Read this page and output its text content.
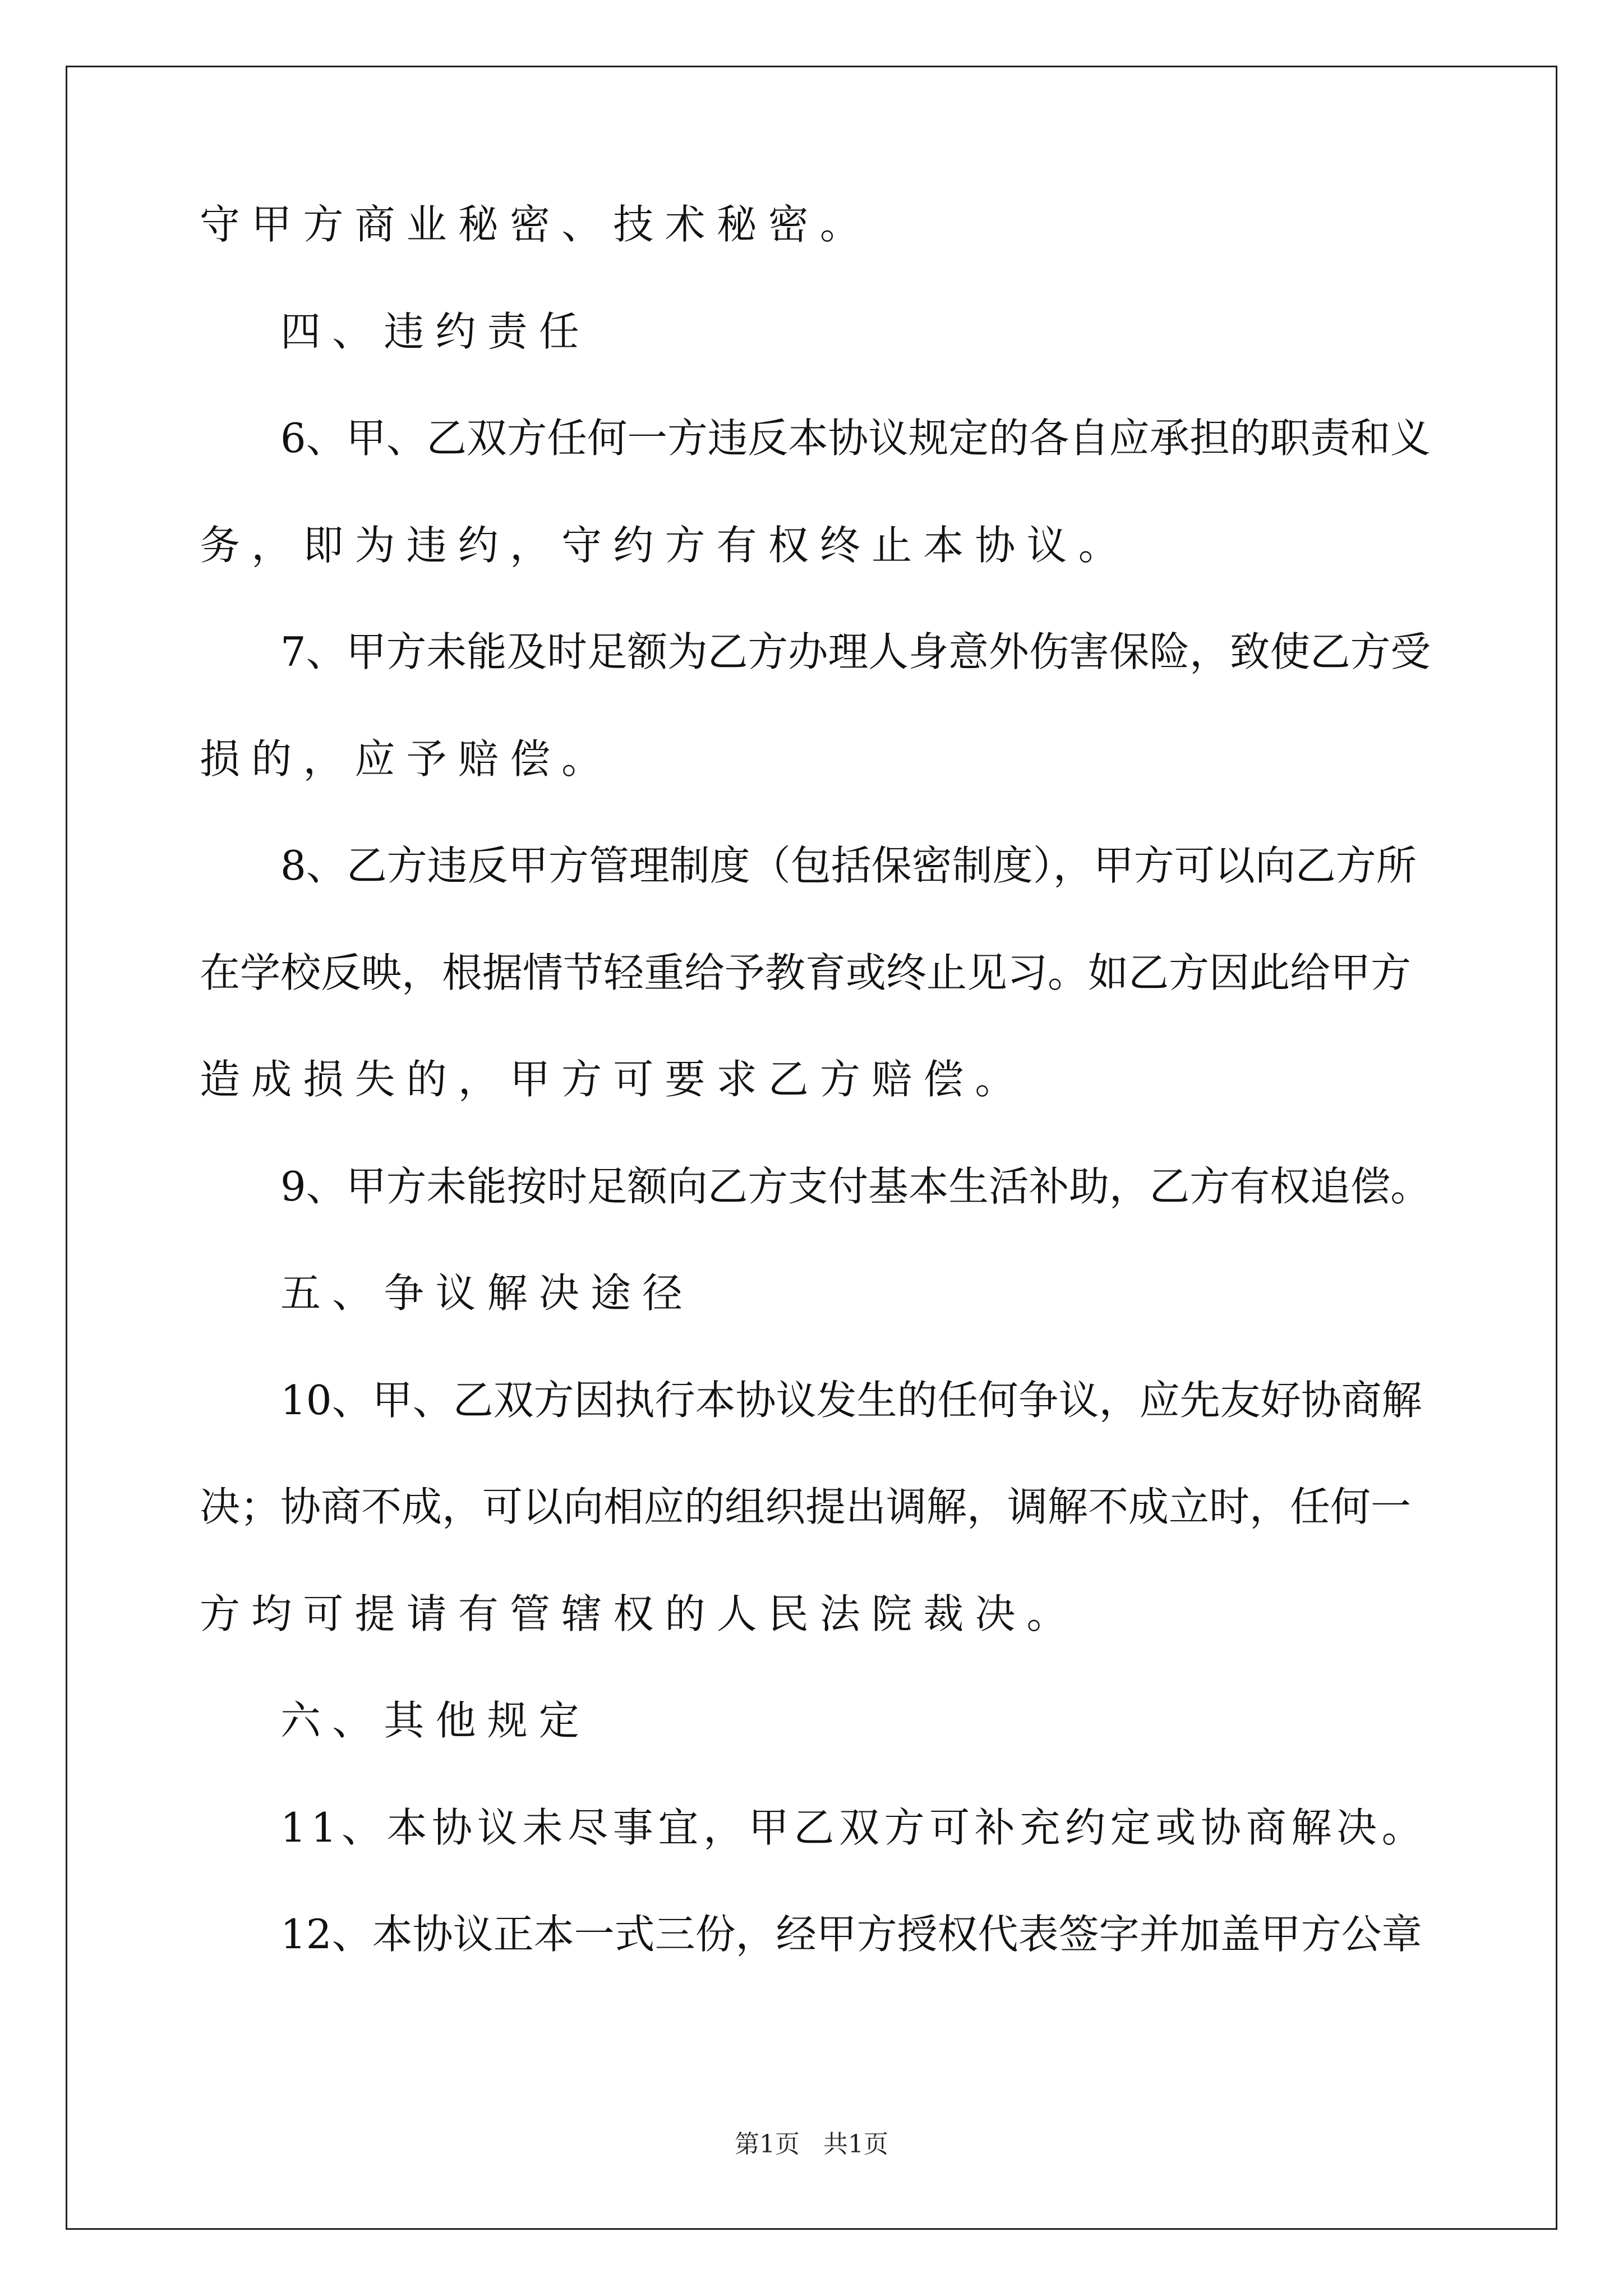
守甲方商业秘密、技术秘密。
四、违约责任
6、甲、乙双方任何一方违反本协议规定的各自应承担的职责和义
务，即为违约，守约方有权终止本协议。
7、甲方未能及时足额为乙方办理人身意外伤害保险，致使乙方受
损的，应予赔偿。
8、乙方违反甲方管理制度（包括保密制度），甲方可以向乙方所
在学校反映，根据情节轻重给予教育或终止见习。如乙方因此给甲方
造成损失的，甲方可要求乙方赔偿。
9、甲方未能按时足额向乙方支付基本生活补助，乙方有权追偿。
五、争议解决途径
10、甲、乙双方因执行本协议发生的任何争议，应先友好协商解
决；协商不成，可以向相应的组织提出调解，调解不成立时，任何一
方均可提请有管辖权的人民法院裁决。
六、其他规定
11、本协议未尽事宜，甲乙双方可补充约定或协商解决。
12、本协议正本一式三份，经甲方授权代表签字并加盖甲方公章
第1页   共1页
